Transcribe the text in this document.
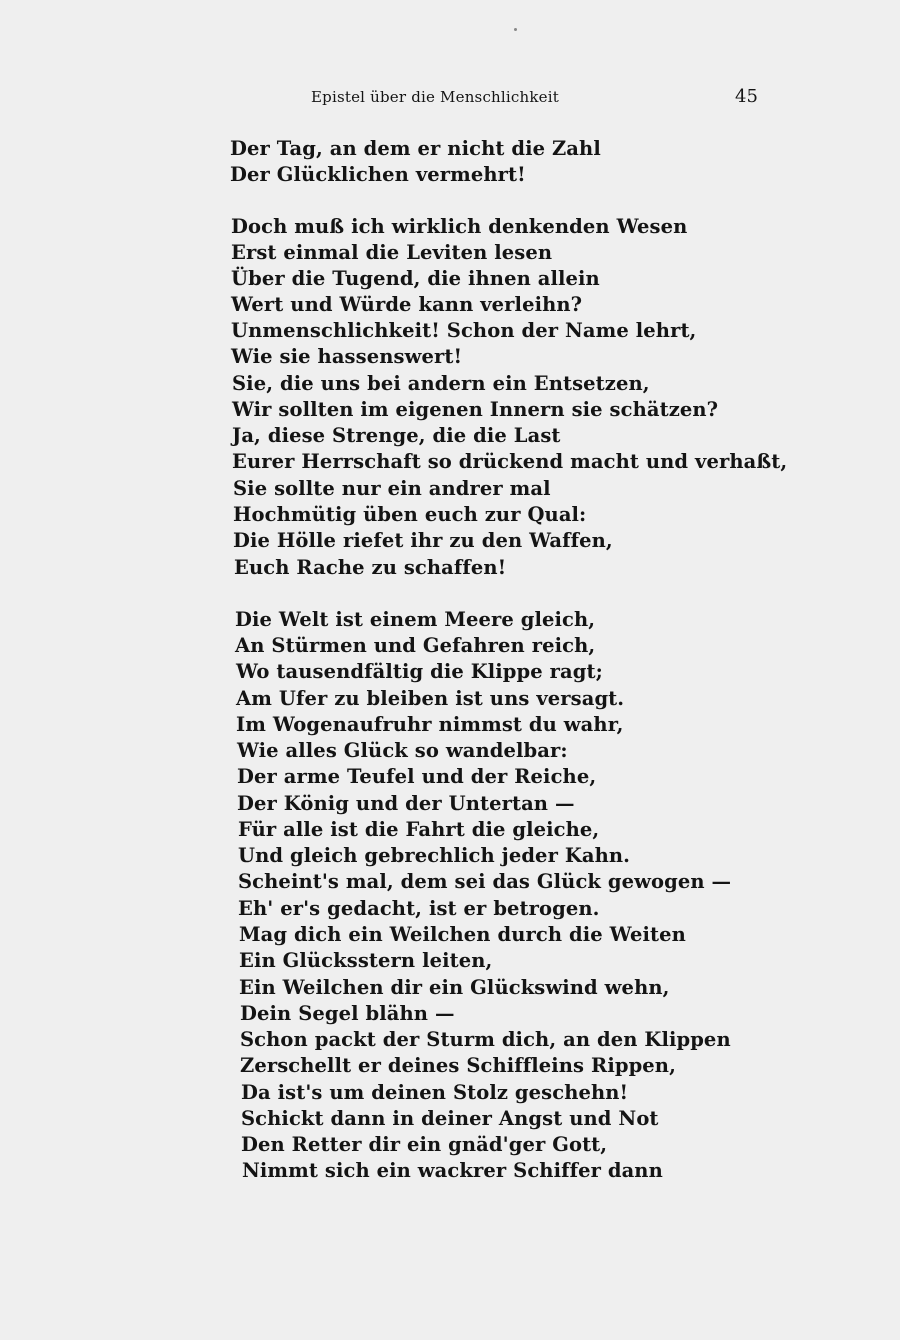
Epistel über die Menschlichkeit	45
Der Tag, an dem er nicht die Zahl
Der Glücklichen vermehrt!
Doch muß ich wirklich denkenden Wesen
Erst einmal die Leviten lesen
Über die Tugend, die ihnen allein
Wert und Würde kann verleihn?
Unmenschlichkeit! Schon der Name lehrt,
Wie sie hassenswert!
Sie, die uns bei andern ein Entsetzen,
Wir sollten im eigenen Innern sie schätzen?
Ja, diese Strenge, die die Last
Eurer Herrschaft so drückend macht und verhaßt,
Sie sollte nur ein andrer mal
Hochmütig üben euch zur Qual:
Die Hölle riefet ihr zu den Waffen,
Euch Rache zu schaffen!
Die Welt ist einem Meere gleich,
An Stürmen und Gefahren reich,
Wo tausendfältig die Klippe ragt;
Am Ufer zu bleiben ist uns versagt.
Im Wogenaufruhr nimmst du wahr,
Wie alles Glück so wandelbar:
Der arme Teufel und der Reiche,
Der König und der Untertan —
Für alle ist die Fahrt die gleiche,
Und gleich gebrechlich jeder Kahn.
Scheint's mal, dem sei das Glück gewogen —
Eh' er's gedacht, ist er betrogen.
Mag dich ein Weilchen durch die Weiten
Ein Glücksstern leiten,
Ein Weilchen dir ein Glückswind wehn,
Dein Segel blähn —
Schon packt der Sturm dich, an den Klippen
Zerschellt er deines Schiffleins Rippen,
Da ist's um deinen Stolz geschehn!
Schickt dann in deiner Angst und Not
Den Retter dir ein gnäd'ger Gott,
Nimmt sich ein wackrer Schiffer dann
